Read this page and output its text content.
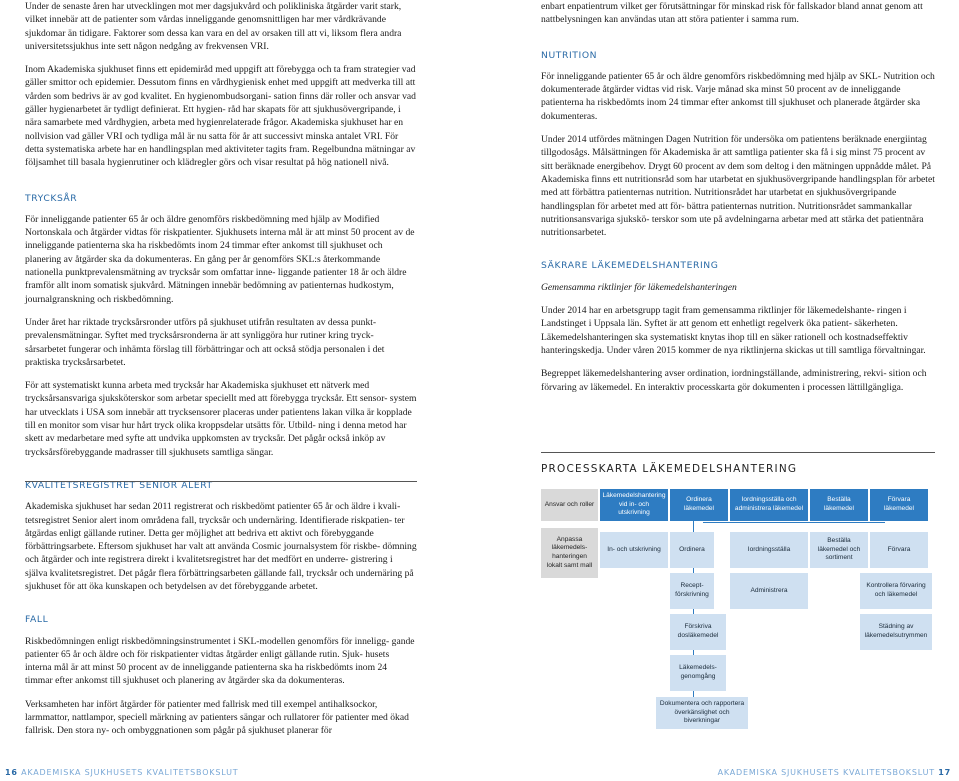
Under de senaste åren har utvecklingen mot mer dagsjukvård och polikliniska åtgärder varit stark, vilket innebär att de patienter som vårdas inneliggande genomsnittligen har mer vårdkrävande sjukdomar än tidigare. Faktorer som dessa kan vara en del av orsaken till att vi, liksom flera andra universitetssjukhus inte sett någon nedgång av frekvensen VRI.

Inom Akademiska sjukhuset finns ett epidemiråd med uppgift att förebygga och ta fram strategier vad gäller smittor och epidemier. Dessutom finns en vårdhygienisk enhet med uppgift att medverka till att vården som bedrivs är av god kvalitet. En hygienombudsorgani- sation finns där roller och ansvar vad gäller hygienarbetet är tydligt definierat. Ett hygien- råd har skapats för att sjukhusövergripande, i nära samarbete med vårdhygien, arbeta med hygienrelaterade frågor. Akademiska sjukhuset har en nollvision vad gäller VRI och tydliga mål är nu satta för år att successivt minska antalet VRI. För detta systematiska arbete har en handlingsplan med aktiviteter tagits fram. Regelbundna mätningar av följsamhet till basala hygienrutiner och klädregler görs och visar resultat på hög nationell nivå.

TRYCKSÅR

För inneliggande patienter 65 år och äldre genomförs riskbedömning med hjälp av Modified Nortonskala och åtgärder vidtas för riskpatienter. Sjukhusets interna mål är att minst 50 procent av de inneliggande patienterna ska ha riskbedömts inom 24 timmar efter ankomst till sjukhuset och planering av åtgärder ska da dokumenteras. En gång per år genomförs SKL:s återkommande nationella punktprevalensmätning av trycksår som omfattar inne- liggande patienter 18 år och äldre framför allt inom somatisk sjukvård. Mätningen innebär bedömning av patienternas hudkostym, journalgranskning och riskbedömning.

Under året har riktade trycksårsronder utförs på sjukhuset utifrån resultaten av dessa punkt- prevalensmätningar. Syftet med trycksårsronderna är att synliggöra hur rutiner kring tryck- sårsarbetet fungerar och inhämta förslag till förbättringar och att också stödja personalen i det praktiska trycksårsarbetet.

För att systematiskt kunna arbeta med trycksår har Akademiska sjukhuset ett nätverk med trycksårsansvariga sjuksköterskor som arbetar speciellt med att förebygga trycksår. Ett sensor- system har utvecklats i USA som innebär att trycksensorer placeras under patientens lakan vilka är kopplade till en monitor som visar hur hårt tryck olika kroppsdelar utsätts för. Utbild- ning i denna metod har skett av medarbetare med syfte att undvika uppkomsten av trycksår. Det pågår också inköp av trycksårsförebyggande madrasser till sjukhusets samtliga sängar.

KVALITETSREGISTRET SENIOR ALERT

Akademiska sjukhuset har sedan 2011 registrerat och riskbedömt patienter 65 år och äldre i kvali- tetsregistret Senior alert inom områdena fall, trycksår och undernäring. Identifierade riskpatien- ter åtgärdas enligt gällande rutiner. Detta ger möjlighet att bedriva ett aktivt och förebyggande förbättringsarbete. Eftersom sjukhuset har valt att använda Cosmic journalsystem för riskbe- dömning och åtgärder och inte registrera direkt i kvalitetsregistret har det medfört en underre- gistrering i själva kvalitetsregistret. Det pågår flera förbättringsarbeten gällande fall, trycksår och undernäring på sjukhuset för att öka kunskapen och betydelsen av det förebyggande arbetet.

FALL

Riskbedömningen enligt riskbedömningsinstrumentet i SKL-modellen genomförs för inneligg- gande patienter 65 år och äldre och för riskpatienter vidtas åtgärder enligt gällande rutin. Sjuk- husets interna mål är att minst 50 procent av de inneliggande patienterna ska ha riskbedömts inom 24 timmar efter ankomst till sjukhuset och planering av åtgärder ska da dokumenteras.

Verksamheten har infört åtgärder för patienter med fallrisk med till exempel antihalksockor, larmmattor, nattlampor, speciell märkning av patienters sängar och rullatorer för patienter med ökad fallrisk. Den stora ny- och ombyggnationen som pågår på sjukhuset planerar för

enbart enpatientrum vilket ger förutsättningar för minskad risk för fallskador bland annat genom att nattbelysningen kan användas utan att störa patienter i samma rum.

NUTRITION

För inneliggande patienter 65 år och äldre genomförs riskbedömning med hjälp av SKL- Nutrition och dokumenterade åtgärder vidtas vid risk. Varje månad ska minst 50 procent av de inneliggande patienterna ha riskbedömts inom 24 timmar efter ankomst till sjukhuset och planerade åtgärder ska dokumenteras.

Under 2014 utfördes mätningen Dagen Nutrition för undersöka om patientens beräknade energiintag tillgodosågs. Målsättningen för Akademiska är att samtliga patienter ska få i sig minst 75 procent av sitt beräknade energibehov. Drygt 60 procent av dem som deltog i den mätningen uppnådde målet. På Akademiska finns ett nutritionsråd som har utarbetat en sjukhusövergripande handlingsplan för arbetet med att förbättra patienternas nutrition. Nutritionsrådet har utarbetat en sjukhusövergripande handlingsplan för arbetet med att för- bättra patienternas nutrition. Nutritionsrådet sammankallar nutritionsansvariga sjukskö- terskor som ute på avdelningarna arbetar med att stärka det patientnära nutritionsarbetet.

SÄKRARE LÄKEMEDELSHANTERING

Gemensamma riktlinjer för läkemedelshanteringen

Under 2014 har en arbetsgrupp tagit fram gemensamma riktlinjer för läkemedelshante- ringen i Landstinget i Uppsala län. Syftet är att genom ett enhetligt regelverk öka patient- säkerheten. Läkemedelshanteringen ska systematiskt knytas ihop till en säker rationell och kostnadseffektiv hanteringskedja. Under våren 2015 kommer de nya riktlinjerna skickas ut till samtliga förvaltningar.

Begreppet läkemedelshantering avser ordination, iordningställande, administrering, rekvi- sition och förvaring av läkemedel. En interaktiv processkarta gör dokumenten i processen lättillgängliga.

PROCESSKARTA LÄKEMEDELSHANTERING
Ansvar och roller
Läkemedelshantering vid in- och utskrivning
Ordinera läkemedel
Iordningsställa och administrera läkemedel
Beställa läkemedel
Förvara läkemedel
Anpassa läkemedels- hanteringen lokalt samt mall
In- och utskrivning	Ordinera	Iordningsställa
Beställa läkemedel och sortiment
Förvara
Recept- förskrivning
Administrera
Kontrollera förvaring och läkemedel
Förskriva dosläkemedel
Städning av läkemedelsutrymmen
Läkemedels- genomgång
Dokumentera och rapportera överkänslighet och biverkningar
16 AKADEMISKA SJUKHUSETS KVALITETSBOKSLUT	AKADEMISKA SJUKHUSETS KVALITETSBOKSLUT 17
